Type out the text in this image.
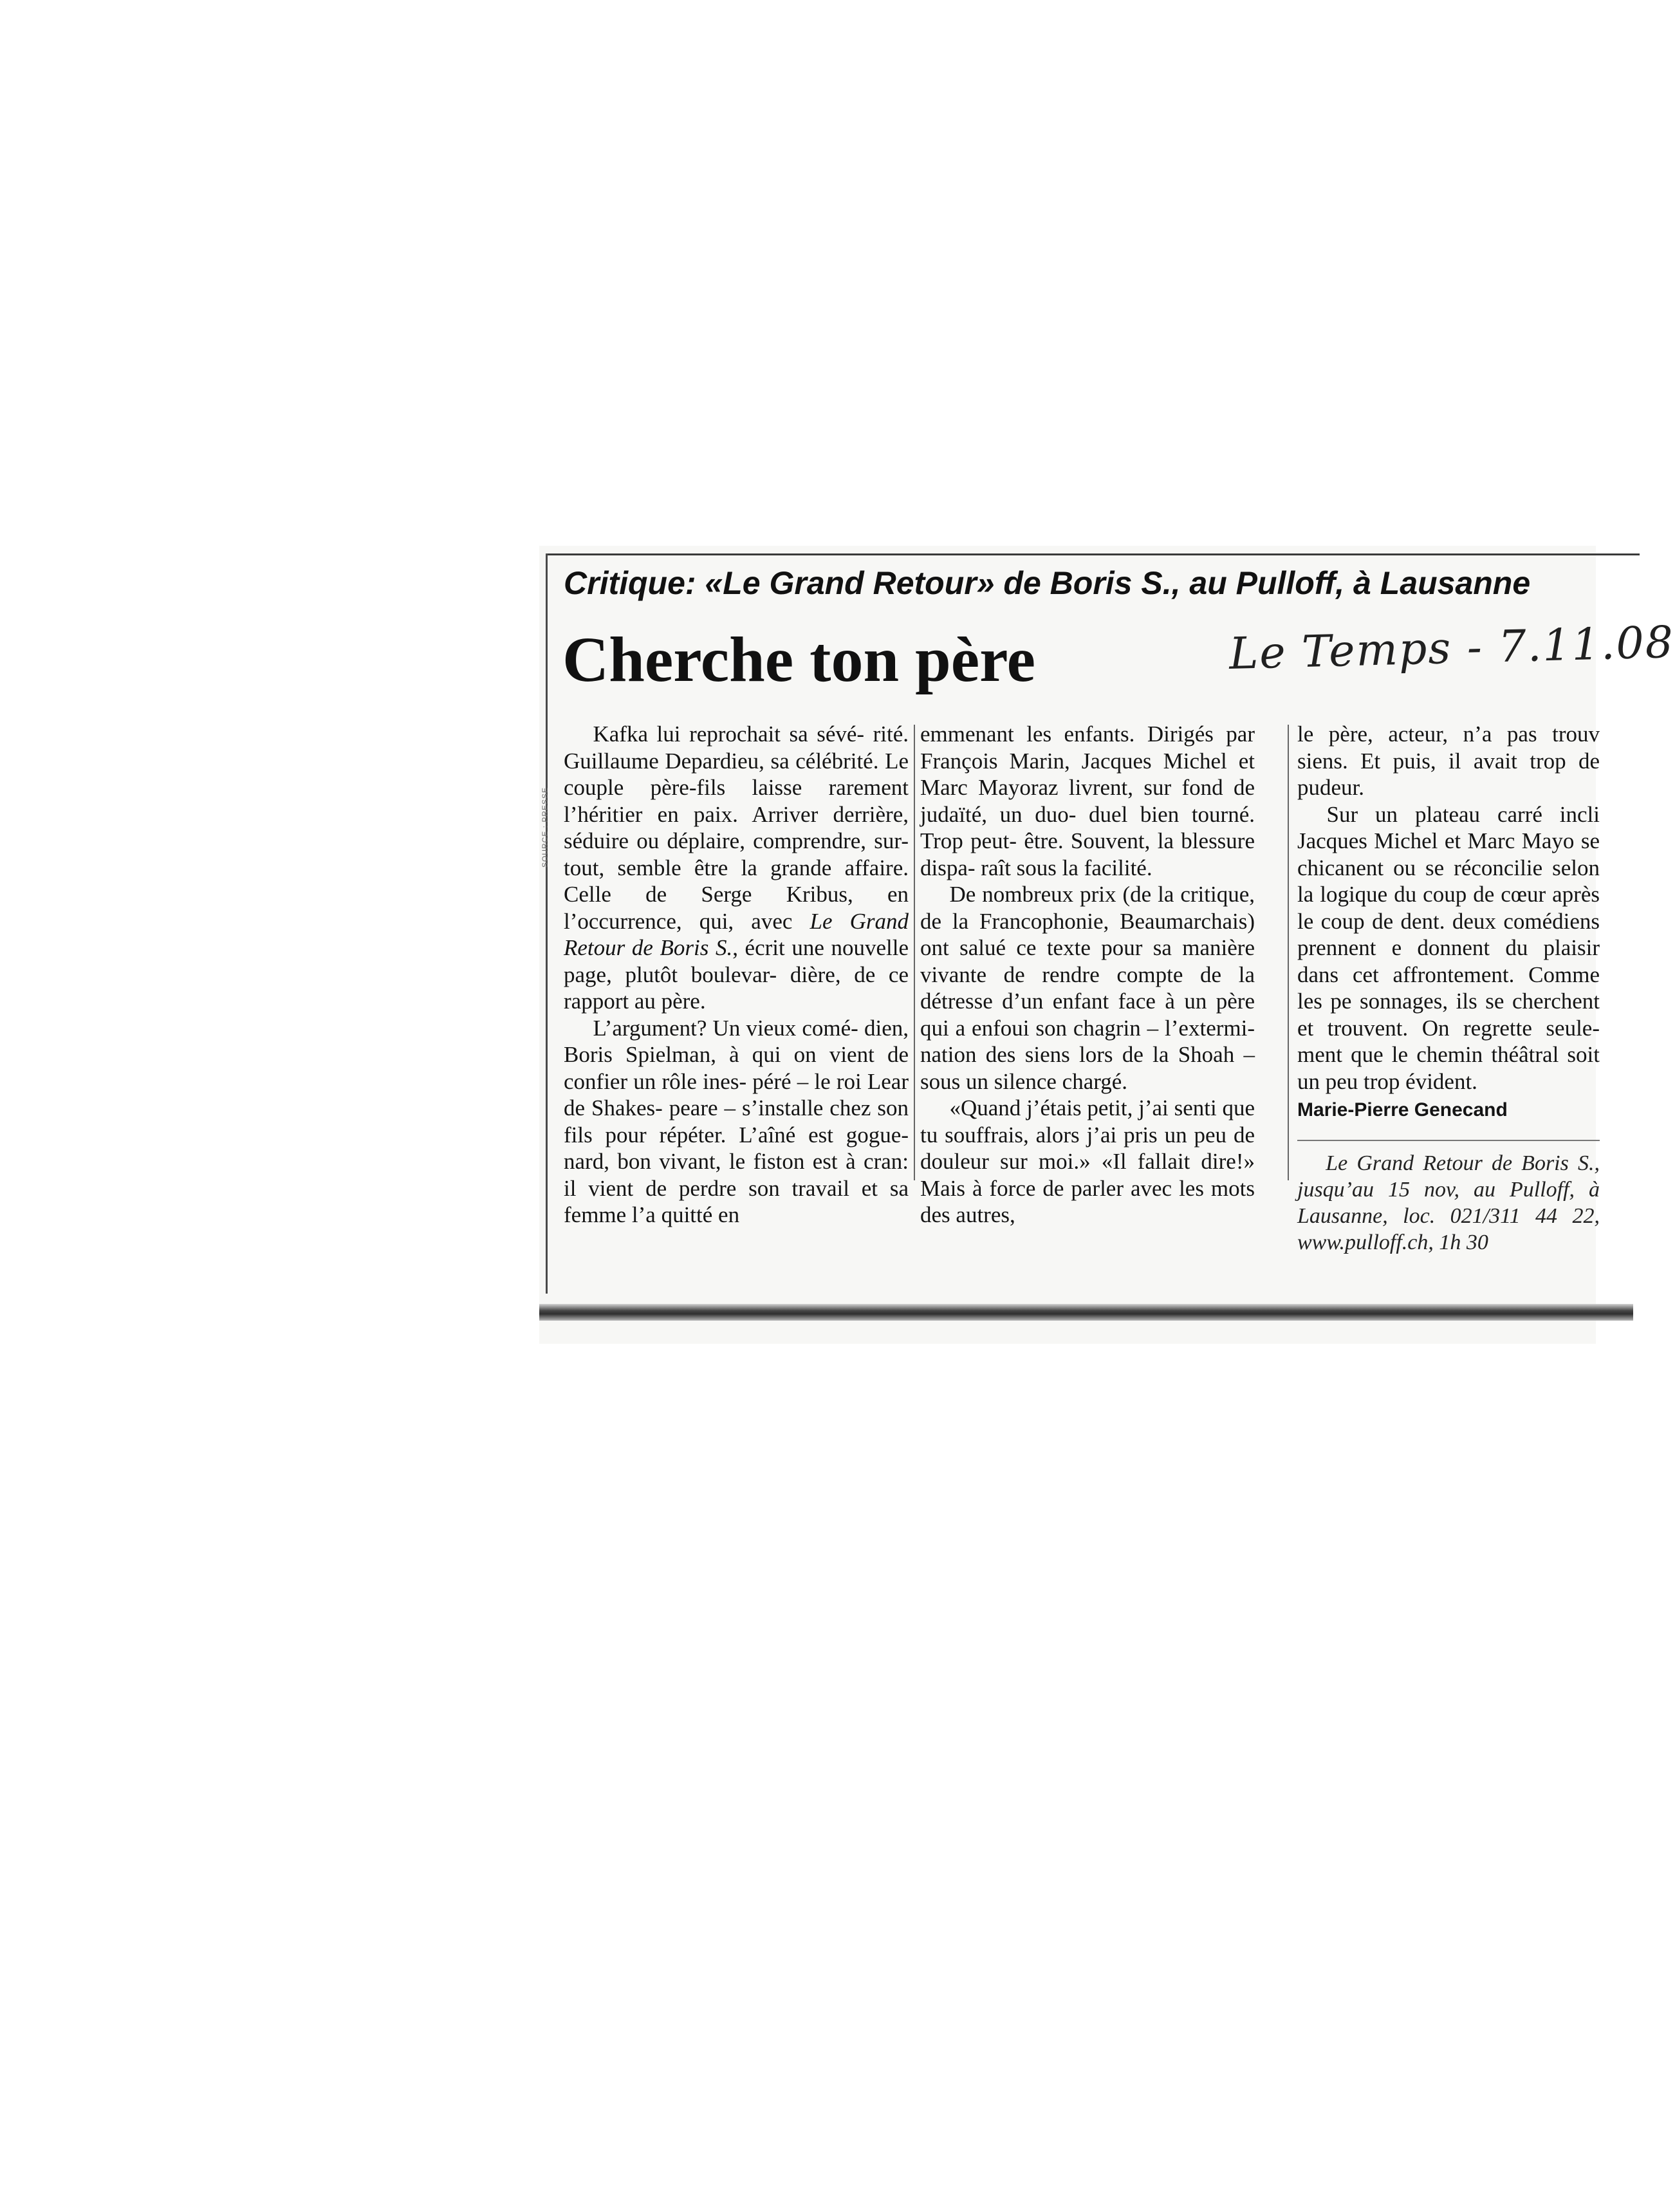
SOURCE : PRESSE
Critique: «Le Grand Retour» de Boris S., au Pulloff, à Lausanne
Cherche ton père	Le Temps - 7.11.08

Kafka lui reprochait sa sévé- rité. Guillaume Depardieu, sa célébrité. Le couple père-fils laisse rarement l’héritier en paix. Arriver derrière, séduire ou déplaire, comprendre, sur- tout, semble être la grande affaire. Celle de Serge Kribus, en l’occurrence, qui, avec Le Grand Retour de Boris S., écrit une nouvelle page, plutôt boulevar- dière, de ce rapport au père.

L’argument? Un vieux comé- dien, Boris Spielman, à qui on vient de confier un rôle ines- péré – le roi Lear de Shakes- peare – s’installe chez son fils pour répéter. L’aîné est gogue- nard, bon vivant, le fiston est à cran: il vient de perdre son travail et sa femme l’a quitté en

emmenant les enfants. Dirigés par François Marin, Jacques Michel et Marc Mayoraz livrent, sur fond de judaïté, un duo- duel bien tourné. Trop peut- être. Souvent, la blessure dispa- raît sous la facilité.

De nombreux prix (de la critique, de la Francophonie, Beaumarchais) ont salué ce texte pour sa manière vivante de rendre compte de la détresse d’un enfant face à un père qui a enfoui son chagrin – l’extermi- nation des siens lors de la Shoah – sous un silence chargé.

«Quand j’étais petit, j’ai senti que tu souffrais, alors j’ai pris un peu de douleur sur moi.» «Il fallait dire!» Mais à force de parler avec les mots des autres,

le père, acteur, n’a pas trouv siens. Et puis, il avait trop de pudeur.

Sur un plateau carré incli Jacques Michel et Marc Mayo se chicanent ou se réconcilie selon la logique du coup de cœur après le coup de dent. deux comédiens prennent e donnent du plaisir dans cet affrontement. Comme les pe sonnages, ils se cherchent et trouvent. On regrette seule- ment que le chemin théâtral soit un peu trop évident.

Marie-Pierre Genecand

Le Grand Retour de Boris S., jusqu’au 15 nov, au Pulloff, à Lausanne, loc. 021/311 44 22, www.pulloff.ch, 1h 30
